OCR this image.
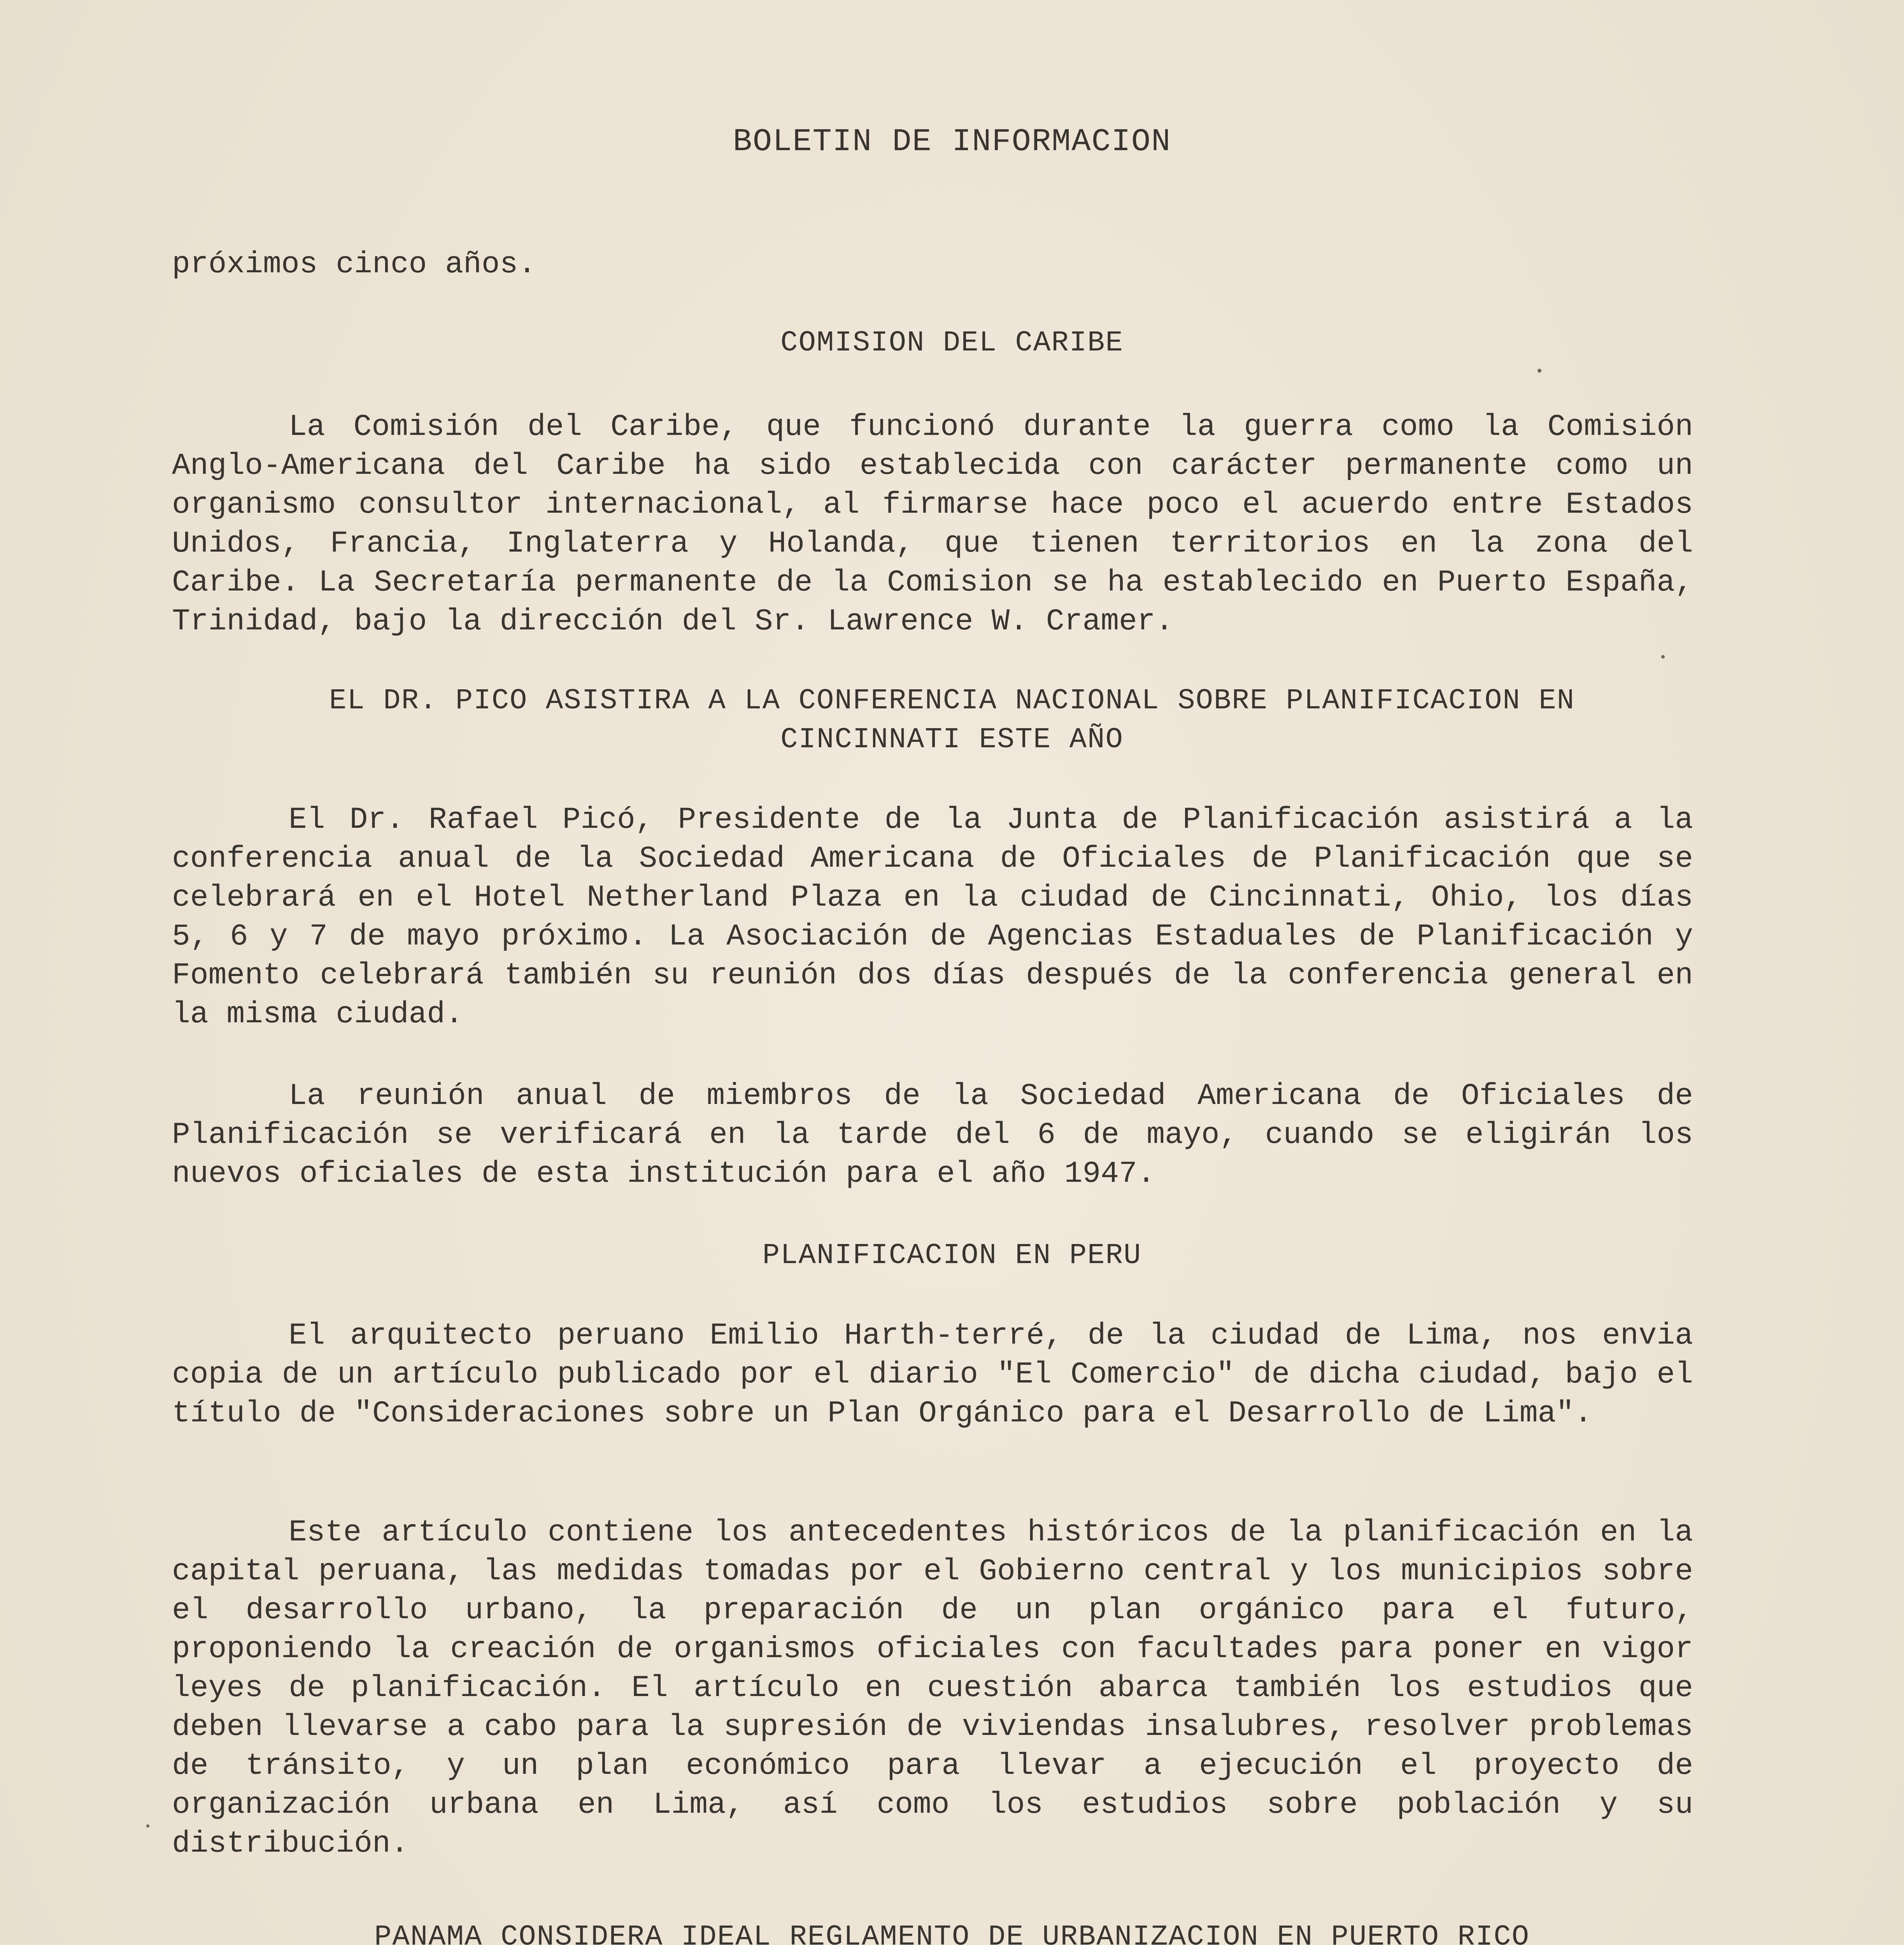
BOLETIN DE INFORMACION
próximos cinco años.
COMISION DEL CARIBE

La Comisión del Caribe, que funcionó durante la guerra como la Comisión Anglo-Americana del Caribe ha sido establecida con carácter permanente como un organismo consultor internacional, al firmarse hace poco el acuerdo entre Estados Unidos, Francia, Inglaterra y Holanda, que tienen territorios en la zona del Caribe. La Secretaría permanente de la Comision se ha establecido en Puerto España, Trinidad, bajo la dirección del Sr. Lawrence W. Cramer.

EL DR. PICO ASISTIRA A LA CONFERENCIA NACIONAL SOBRE PLANIFICACION EN
CINCINNATI ESTE AÑO

El Dr. Rafael Picó, Presidente de la Junta de Planificación asistirá a la conferencia anual de la Sociedad Americana de Oficiales de Planificación que se celebrará en el Hotel Netherland Plaza en la ciudad de Cincinnati, Ohio, los días 5, 6 y 7 de mayo próximo. La Asociación de Agencias Estaduales de Planificación y Fomento celebrará también su reunión dos días después de la conferencia general en la misma ciudad.

La reunión anual de miembros de la Sociedad Americana de Oficiales de Planificación se verificará en la tarde del 6 de mayo, cuando se eligirán los nuevos oficiales de esta institución para el año 1947.

PLANIFICACION EN PERU

El arquitecto peruano Emilio Harth-terré, de la ciudad de Lima, nos envia copia de un artículo publicado por el diario "El Comercio" de dicha ciudad, bajo el título de "Consideraciones sobre un Plan Orgánico para el Desarrollo de Lima".

Este artículo contiene los antecedentes históricos de la planificación en la capital peruana, las medidas tomadas por el Gobierno central y los municipios sobre el desarrollo urbano, la preparación de un plan orgánico para el futuro, proponiendo la creación de organismos oficiales con facultades para poner en vigor leyes de planificación. El artículo en cuestión abarca también los estudios que deben llevarse a cabo para la supresión de viviendas insalubres, resolver problemas de tránsito, y un plan económico para llevar a ejecución el proyecto de organización urbana en Lima, así como los estudios sobre población y su distribución.

PANAMA CONSIDERA IDEAL REGLAMENTO DE URBANIZACION EN PUERTO RICO
